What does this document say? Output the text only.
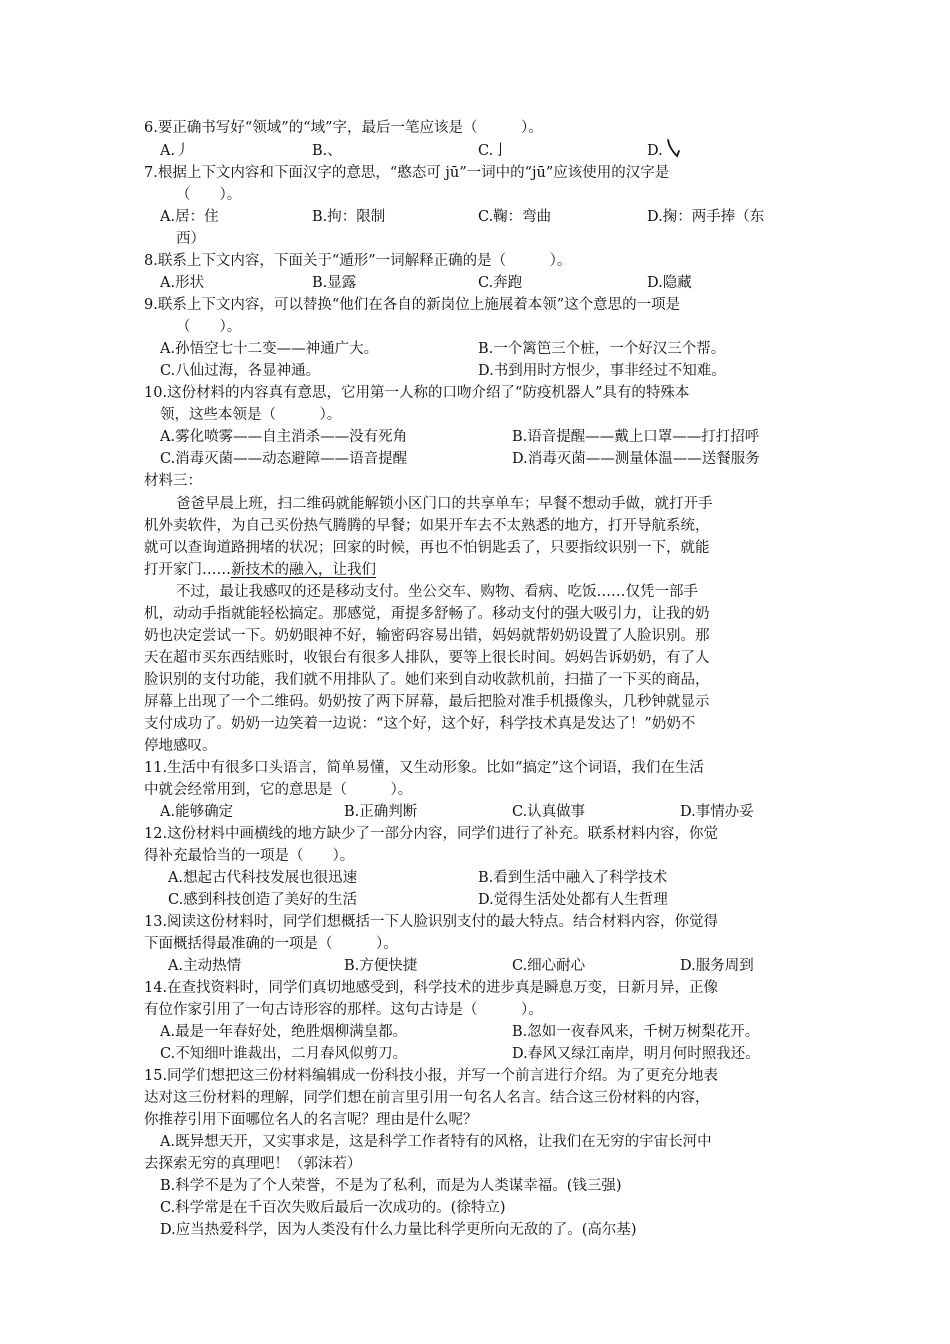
6.要正确书写好“领域”的“域”字，最后一笔应该是（　　　）。
A.丿	B.、	C.亅	D.
7.根据上下文内容和下面汉字的意思，“憨态可 jū”一词中的“jū”应该使用的汉字是
（　　）。
A.居：住	B.拘：限制	C.鞠：弯曲	D.掬：两手捧（东
西）
8.联系上下文内容，下面关于“遁形”一词解释正确的是（　　　）。
A.形状	B.显露	C.奔跑	D.隐藏
9.联系上下文内容，可以替换“他们在各自的新岗位上施展着本领”这个意思的一项是
（　　）。
A.孙悟空七十二变——神通广大。	B.一个篱笆三个桩，一个好汉三个帮。
C.八仙过海，各显神通。	D.书到用时方恨少，事非经过不知难。
10.这份材料的内容真有意思，它用第一人称的口吻介绍了“防疫机器人”具有的特殊本
领，这些本领是（　　　）。
A.雾化喷雾——自主消杀——没有死角	B.语音提醒——戴上口罩——打打招呼
C.消毒灭菌——动态避障——语音提醒	D.消毒灭菌——测量体温——送餐服务
材料三：
爸爸早晨上班，扫二维码就能解锁小区门口的共享单车；早餐不想动手做，就打开手
机外卖软件，为自己买份热气腾腾的早餐；如果开车去不太熟悉的地方，打开导航系统，
就可以查询道路拥堵的状况；回家的时候，再也不怕钥匙丢了，只要指纹识别一下，就能
打开家门……新技术的融入，让我们
不过，最让我感叹的还是移动支付。坐公交车、购物、看病、吃饭……仅凭一部手
机，动动手指就能轻松搞定。那感觉，甭提多舒畅了。移动支付的强大吸引力，让我的奶
奶也决定尝试一下。奶奶眼神不好，输密码容易出错，妈妈就帮奶奶设置了人脸识别。那
天在超市买东西结账时，收银台有很多人排队，要等上很长时间。妈妈告诉奶奶，有了人
脸识别的支付功能，我们就不用排队了。她们来到自动收款机前，扫描了一下买的商品，
屏幕上出现了一个二维码。奶奶按了两下屏幕，最后把脸对准手机摄像头，几秒钟就显示
支付成功了。奶奶一边笑着一边说：“这个好，这个好，科学技术真是发达了！”奶奶不
停地感叹。
11.生活中有很多口头语言，简单易懂，又生动形象。比如“搞定”这个词语，我们在生活
中就会经常用到，它的意思是（　　　）。
A.能够确定	B.正确判断	C.认真做事	D.事情办妥
12.这份材料中画横线的地方缺少了一部分内容，同学们进行了补充。联系材料内容，你觉
得补充最恰当的一项是（　　）。
A.想起古代科技发展也很迅速	B.看到生活中融入了科学技术
C.感到科技创造了美好的生活	D.觉得生活处处都有人生哲理
13.阅读这份材料时，同学们想概括一下人脸识别支付的最大特点。结合材料内容，你觉得
下面概括得最准确的一项是（　　　）。
A.主动热情	B.方便快捷	C.细心耐心	D.服务周到
14.在查找资料时，同学们真切地感受到，科学技术的进步真是瞬息万变，日新月异，正像
有位作家引用了一句古诗形容的那样。这句古诗是（　　　）。
A.最是一年春好处，绝胜烟柳满皇都。	B.忽如一夜春风来，千树万树梨花开。
C.不知细叶谁裁出，二月春风似剪刀。	D.春风又绿江南岸，明月何时照我还。
15.同学们想把这三份材料编辑成一份科技小报，并写一个前言进行介绍。为了更充分地表
达对这三份材料的理解，同学们想在前言里引用一句名人名言。结合这三份材料的内容，
你推荐引用下面哪位名人的名言呢？理由是什么呢？
A.既异想天开，又实事求是，这是科学工作者特有的风格，让我们在无穷的宇宙长河中
去探索无穷的真理吧！（郭沫若）
B.科学不是为了个人荣誉，不是为了私利，而是为人类谋幸福。(钱三强)
C.科学常是在千百次失败后最后一次成功的。(徐特立)
D.应当热爱科学，因为人类没有什么力量比科学更所向无敌的了。(高尔基)
